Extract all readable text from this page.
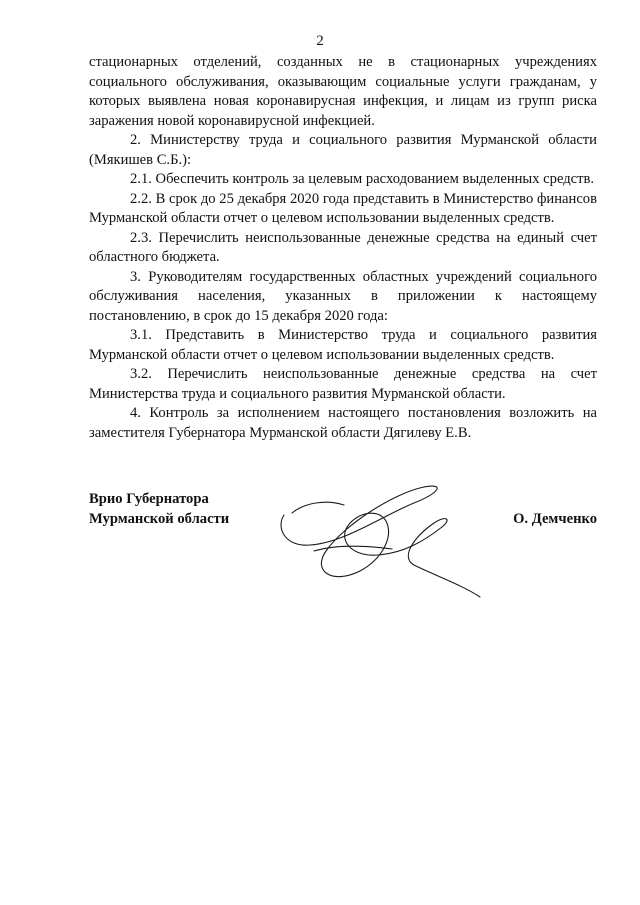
2

стационарных отделений, созданных не в стационарных учреждениях социального обслуживания, оказывающим социальные услуги гражданам, у которых выявлена новая коронавирусная инфекция, и лицам из групп риска заражения новой коронавирусной инфекцией.

2. Министерству труда и социального развития Мурманской области (Мякишев С.Б.):

2.1. Обеспечить контроль за целевым расходованием выделенных средств.

2.2. В срок до 25 декабря 2020 года представить в Министерство финансов Мурманской области отчет о целевом использовании выделенных средств.

2.3. Перечислить неиспользованные денежные средства на единый счет областного бюджета.

3. Руководителям государственных областных учреждений социального обслуживания населения, указанных в приложении к настоящему постановлению, в срок до 15 декабря 2020 года:

3.1. Представить в Министерство труда и социального развития Мурманской области отчет о целевом использовании выделенных средств.

3.2. Перечислить неиспользованные денежные средства на счет Министерства труда и социального развития Мурманской области.

4. Контроль за исполнением настоящего постановления возложить на заместителя Губернатора Мурманской области Дягилеву Е.В.

Врио Губернатора
Мурманской области	О. Демченко
